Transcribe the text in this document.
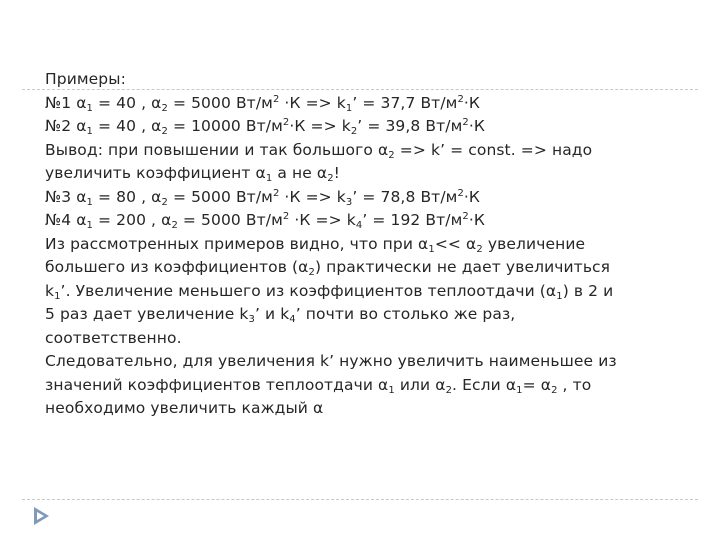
Примеры:
№1 $\alpha_1 = 40$ , $\alpha_2 = 5000$ $Вт/м^2 \cdot К => k_1$’ = 37,7 $Вт/м^2\cdot К$
№2 $\alpha_1 = 40$ , $\alpha_2 = 10000$ $Вт/м^2\cdot К => k_2$’ = 39,8 $Вт/м^2\cdot К$
Вывод: при повышении и так большого $\alpha_2 => k$’ = const. => надо
увеличить коэффициент $\alpha_1$ а не $\alpha_2$!
№3 $\alpha_1 = 80$ , $\alpha_2 = 5000$ $Вт/м^2 \cdot К => k_3$’ = 78,8 $Вт/м^2\cdot К$
№4 $\alpha_1 = 200$ , $\alpha_2 = 5000$ $Вт/м^2 \cdot К => k_4$’ = 192 $Вт/м^2\cdot К$
Из рассмотренных примеров видно, что при $\alpha_1<< \alpha_2$ увеличение
большего из коэффициентов $(\alpha_2)$ практически не дает увеличиться
$k_1$’. Увеличение меньшего из коэффициентов теплоотдачи $(\alpha_1)$ в 2 и
5 раз дает увеличение $k_3$’ и $k_4$’ почти во столько же раз,
соответственно.
Следовательно, для увеличения k’ нужно увеличить наименьшее из
значений коэффициентов теплоотдачи $\alpha_1$ или $\alpha_2$. Если $\alpha_1= \alpha_2$ , то
необходимо увеличить каждый α
